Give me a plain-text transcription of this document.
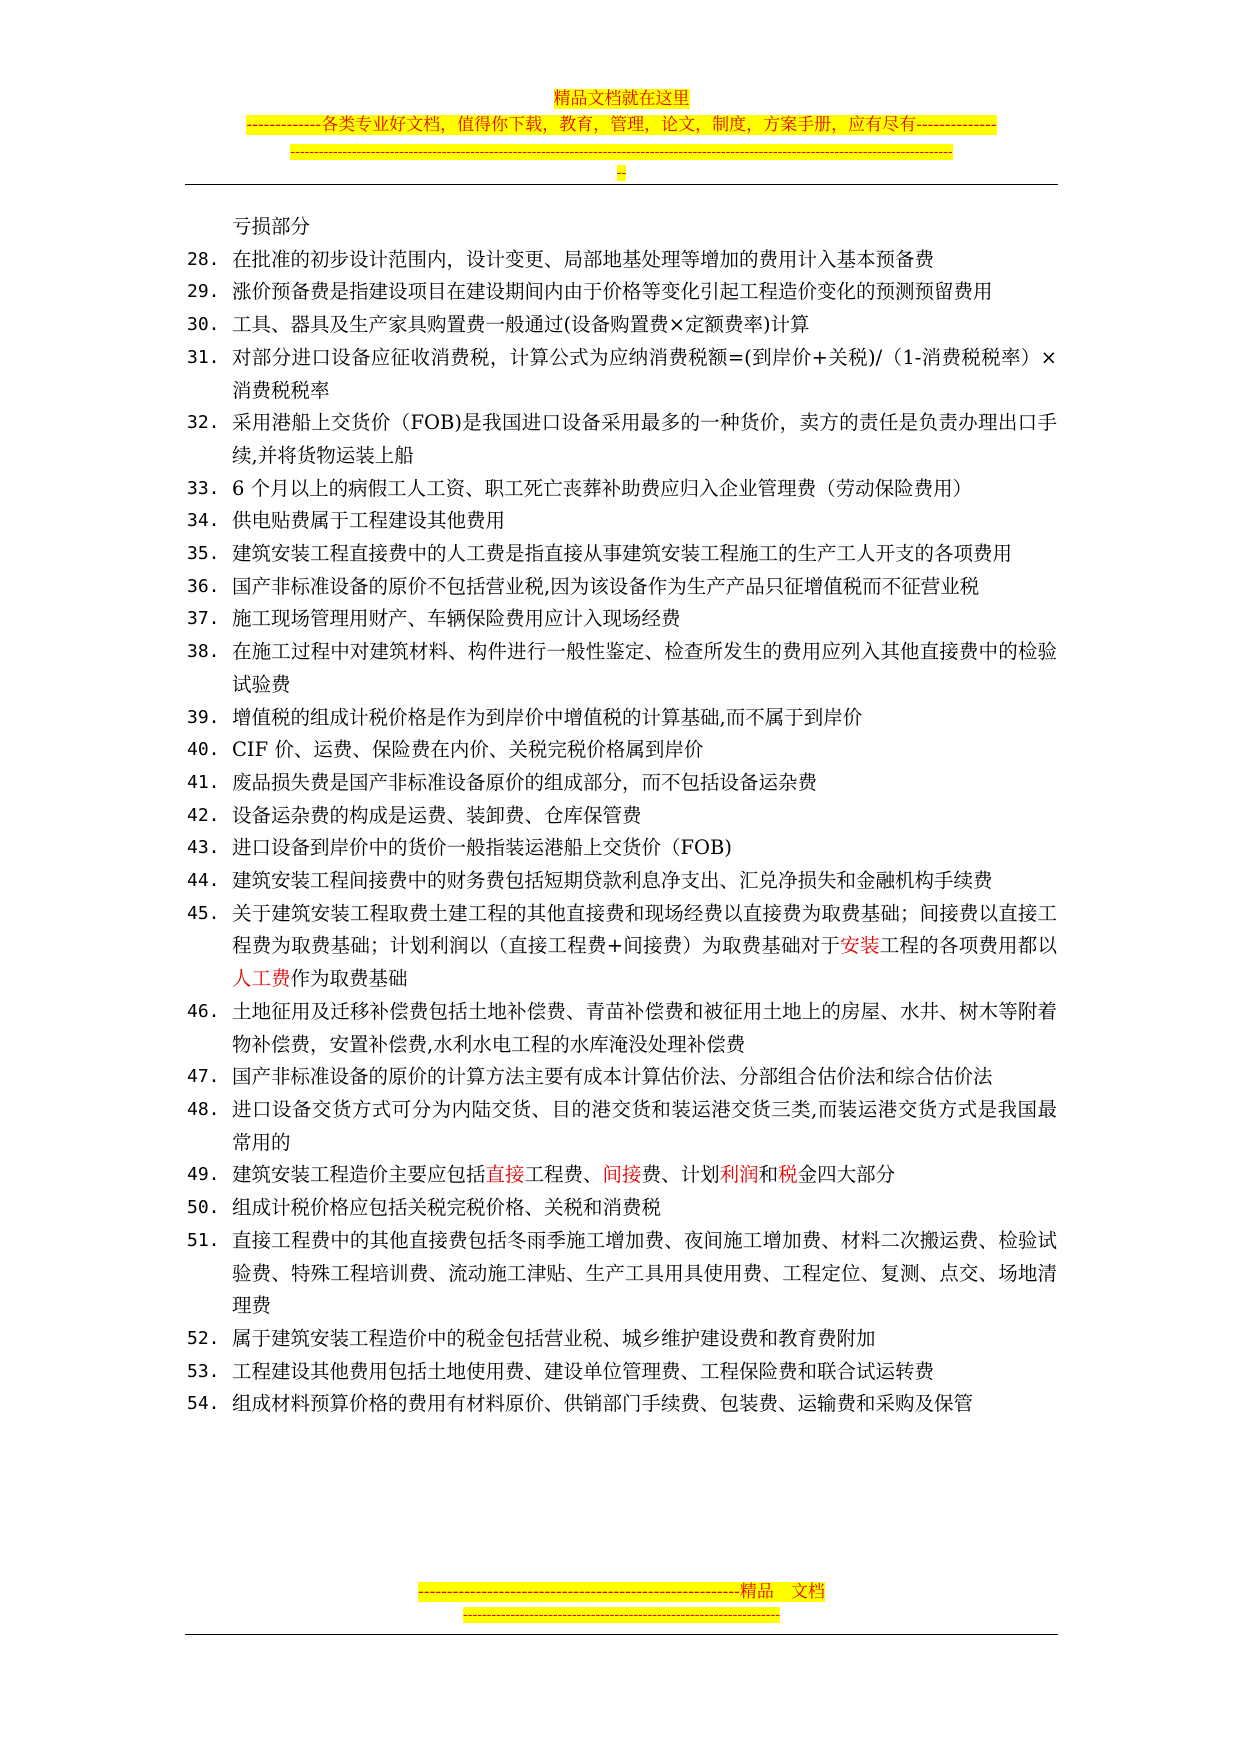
精品文档就在这里
-------------各类专业好文档，值得你下载，教育，管理，论文，制度，方案手册，应有尽有--------------
--------------------------------------------------------------------------------------------------------------------------------------------
--
亏损部分
28. 在批准的初步设计范围内，设计变更、局部地基处理等增加的费用计入基本预备费
29. 涨价预备费是指建设项目在建设期间内由于价格等变化引起工程造价变化的预测预留费用
30. 工具、器具及生产家具购置费一般通过(设备购置费×定额费率)计算
31. 对部分进口设备应征收消费税，计算公式为应纳消费税额=(到岸价+关税)/（1-消费税税率）×消费税税率
32. 采用港船上交货价（FOB)是我国进口设备采用最多的一种货价，卖方的责任是负责办理出口手续,并将货物运装上船
33. 6 个月以上的病假工人工资、职工死亡丧葬补助费应归入企业管理费（劳动保险费用）
34. 供电贴费属于工程建设其他费用
35. 建筑安装工程直接费中的人工费是指直接从事建筑安装工程施工的生产工人开支的各项费用
36. 国产非标准设备的原价不包括营业税,因为该设备作为生产产品只征增值税而不征营业税
37. 施工现场管理用财产、车辆保险费用应计入现场经费
38. 在施工过程中对建筑材料、构件进行一般性鉴定、检查所发生的费用应列入其他直接费中的检验试验费
39. 增值税的组成计税价格是作为到岸价中增值税的计算基础,而不属于到岸价
40. CIF 价、运费、保险费在内价、关税完税价格属到岸价
41. 废品损失费是国产非标准设备原价的组成部分，而不包括设备运杂费
42. 设备运杂费的构成是运费、装卸费、仓库保管费
43. 进口设备到岸价中的货价一般指装运港船上交货价（FOB)
44. 建筑安装工程间接费中的财务费包括短期贷款利息净支出、汇兑净损失和金融机构手续费
45. 关于建筑安装工程取费土建工程的其他直接费和现场经费以直接费为取费基础；间接费以直接工程费为取费基础；计划利润以（直接工程费+间接费）为取费基础对于安装工程的各项费用都以人工费作为取费基础
46. 土地征用及迁移补偿费包括土地补偿费、青苗补偿费和被征用土地上的房屋、水井、树木等附着物补偿费，安置补偿费,水利水电工程的水库淹没处理补偿费
47. 国产非标准设备的原价的计算方法主要有成本计算估价法、分部组合估价法和综合估价法
48. 进口设备交货方式可分为内陆交货、目的港交货和装运港交货三类,而装运港交货方式是我国最常用的
49. 建筑安装工程造价主要应包括直接工程费、间接费、计划利润和税金四大部分
50. 组成计税价格应包括关税完税价格、关税和消费税
51. 直接工程费中的其他直接费包括冬雨季施工增加费、夜间施工增加费、材料二次搬运费、检验试验费、特殊工程培训费、流动施工津贴、生产工具用具使用费、工程定位、复测、点交、场地清理费
52. 属于建筑安装工程造价中的税金包括营业税、城乡维护建设费和教育费附加
53. 工程建设其他费用包括土地使用费、建设单位管理费、工程保险费和联合试运转费
54. 组成材料预算价格的费用有材料原价、供销部门手续费、包装费、运输费和采购及保管
--------------------------------------------------------精品　文档
-------------------------------------------------------------------
